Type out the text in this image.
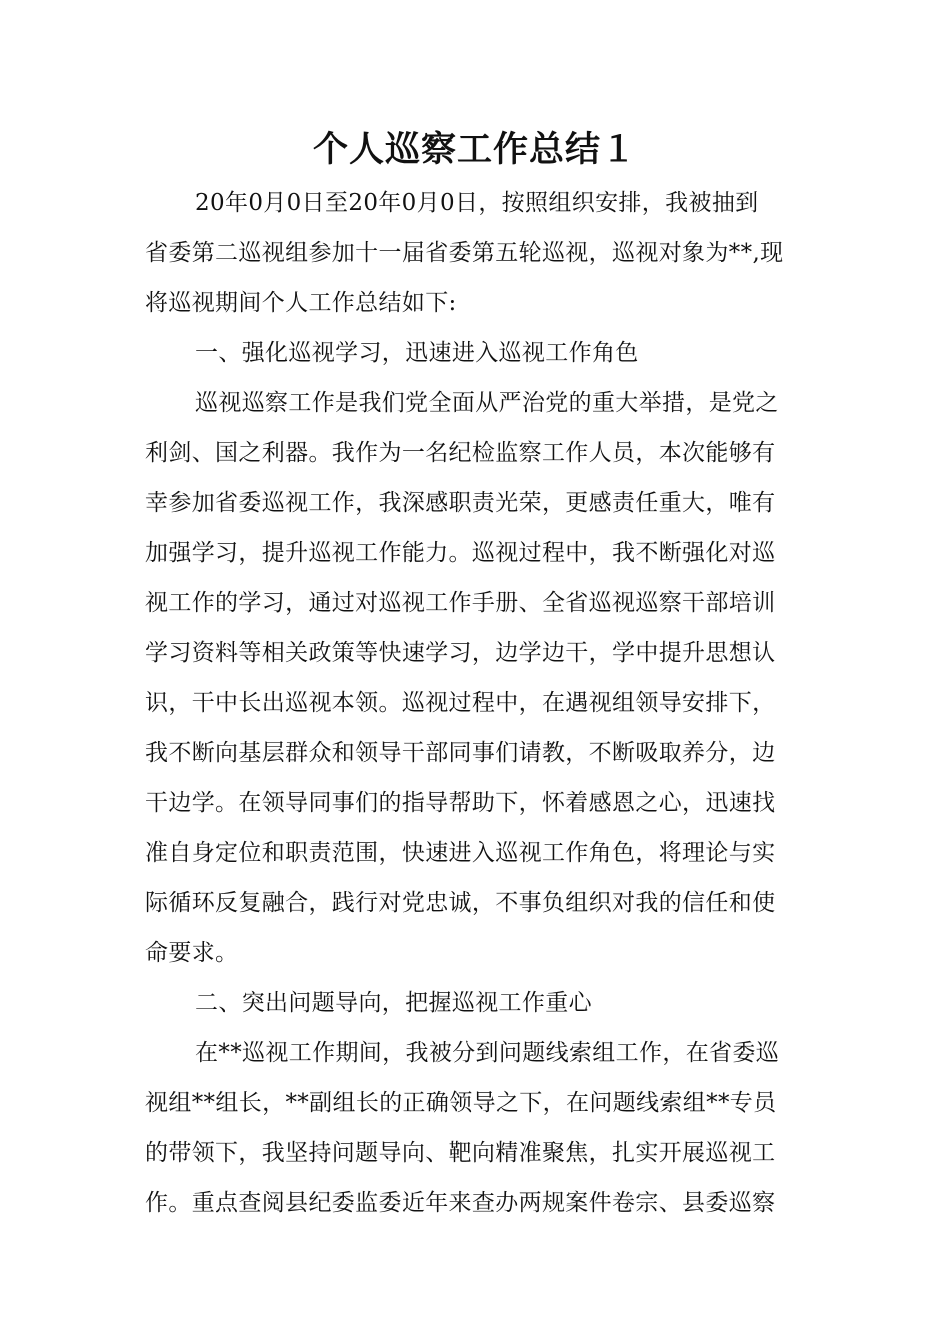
个人巡察工作总结１
20年0月0日至20年0月0日，按照组织安排，我被抽到
省委第二巡视组参加十一届省委第五轮巡视，巡视对象为**,现
将巡视期间个人工作总结如下:
一、强化巡视学习，迅速进入巡视工作角色
巡视巡察工作是我们党全面从严治党的重大举措，是党之
利剑、国之利器。我作为一名纪检监察工作人员，本次能够有
幸参加省委巡视工作，我深感职责光荣，更感责任重大，唯有
加强学习，提升巡视工作能力。巡视过程中，我不断强化对巡
视工作的学习，通过对巡视工作手册、全省巡视巡察干部培训
学习资料等相关政策等快速学习，边学边干，学中提升思想认
识，干中长出巡视本领。巡视过程中，在遇视组领导安排下，
我不断向基层群众和领导干部同事们请教，不断吸取养分，边
干边学。在领导同事们的指导帮助下，怀着感恩之心，迅速找
准自身定位和职责范围，快速进入巡视工作角色，将理论与实
际循环反复融合，践行对党忠诚，不事负组织对我的信任和使
命要求。
二、突出问题导向，把握巡视工作重心
在**巡视工作期间，我被分到问题线索组工作，在省委巡
视组**组长，**副组长的正确领导之下，在问题线索组**专员
的带领下，我坚持问题导向、靶向精准聚焦，扎实开展巡视工
作。重点查阅县纪委监委近年来查办两规案件卷宗、县委巡察
